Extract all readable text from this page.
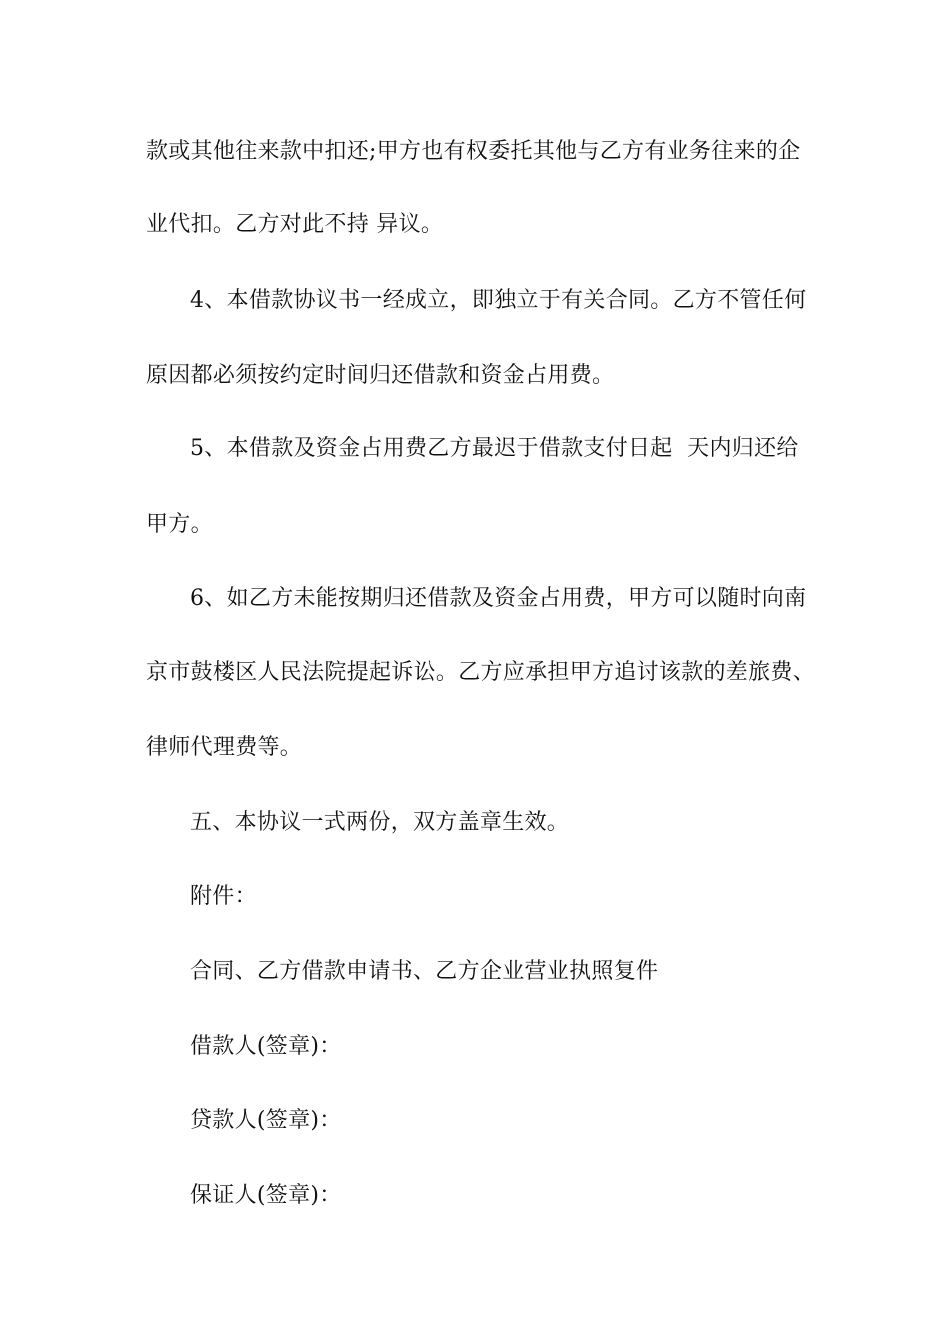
款或其他往来款中扣还;甲方也有权委托其他与乙方有业务往来的企
业代扣。乙方对此不持 异议。
4、本借款协议书一经成立，即独立于有关合同。乙方不管任何
原因都必须按约定时间归还借款和资金占用费。
5、本借款及资金占用费乙方最迟于借款支付日起  天内归还给
甲方。
6、如乙方未能按期归还借款及资金占用费，甲方可以随时向南
京市鼓楼区人民法院提起诉讼。乙方应承担甲方追讨该款的差旅费、
律师代理费等。
五、本协议一式两份，双方盖章生效。
附件：
合同、乙方借款申请书、乙方企业营业执照复件
借款人(签章)：
贷款人(签章)：
保证人(签章)：
